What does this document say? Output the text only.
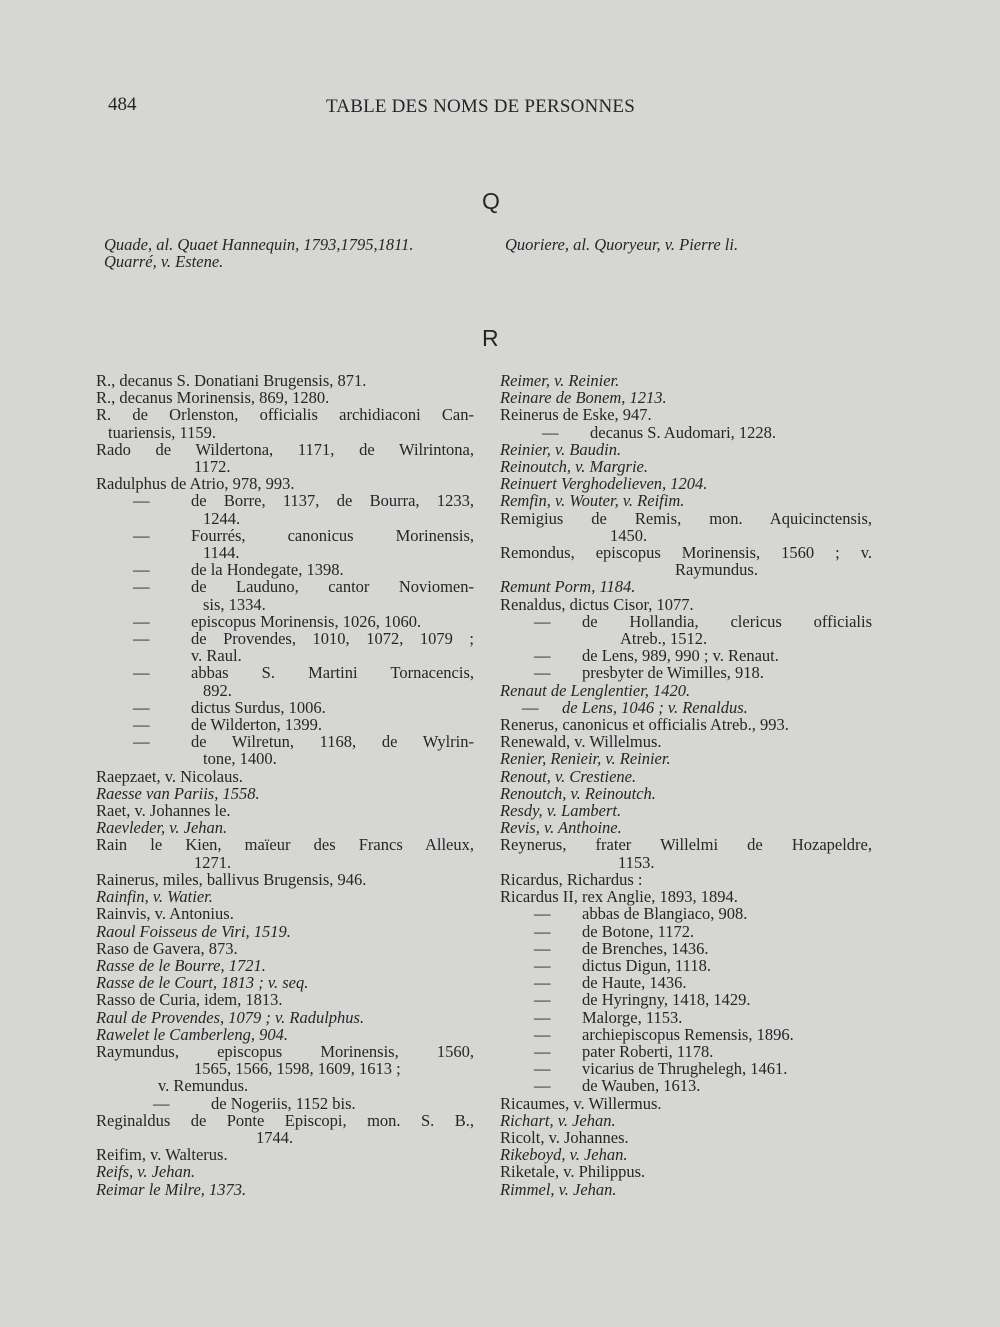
484	TABLE DES NOMS DE PERSONNES
Q
Quade, al. Quaet Hannequin, 1793,1795,1811.
Quarré, v. Estene.
Quoriere, al. Quoryeur, v. Pierre li.
R
R., decanus S. Donatiani Brugensis, 871.
R., decanus Morinensis, 869, 1280.
R. de Orlenston, officialis archidiaconi Can-
tuariensis, 1159.
Rado de Wildertona, 1171, de Wilrintona,
1172.
Radulphus de Atrio, 978, 993.
—	de Borre, 1137, de Bourra, 1233,
1244.
—	Fourrés, canonicus Morinensis,
1144.
—	de la Hondegate, 1398.
—	de Lauduno, cantor Noviomen-
sis, 1334.
—	episcopus Morinensis, 1026, 1060.
—	de Provendes, 1010, 1072, 1079 ;
v. Raul.
—	abbas S. Martini Tornacencis,
892.
—	dictus Surdus, 1006.
—	de Wilderton, 1399.
—	de Wilretun, 1168, de Wylrin-
tone, 1400.
Raepzaet, v. Nicolaus.
Raesse van Pariis, 1558.
Raet, v. Johannes le.
Raevleder, v. Jehan.
Rain le Kien, maïeur des Francs Alleux,
1271.
Rainerus, miles, ballivus Brugensis, 946.
Rainfin, v. Watier.
Rainvis, v. Antonius.
Raoul Foisseus de Viri, 1519.
Raso de Gavera, 873.
Rasse de le Bourre, 1721.
Rasse de le Court, 1813 ; v. seq.
Rasso de Curia, idem, 1813.
Raul de Provendes, 1079 ; v. Radulphus.
Rawelet le Camberleng, 904.
Raymundus, episcopus Morinensis, 1560,
1565, 1566, 1598, 1609, 1613 ;
v. Remundus.
—	de Nogeriis, 1152 bis.
Reginaldus de Ponte Episcopi, mon. S. B.,
1744.
Reifim, v. Walterus.
Reifs, v. Jehan.
Reimar le Milre, 1373.
Reimer, v. Reinier.
Reinare de Bonem, 1213.
Reinerus de Eske, 947.
— decanus S. Audomari, 1228.
Reinier, v. Baudin.
Reinoutch, v. Margrie.
Reinuert Verghodelieven, 1204.
Remfin, v. Wouter, v. Reifim.
Remigius de Remis, mon. Aquicinctensis,
1450.
Remondus, episcopus Morinensis, 1560 ; v.
Raymundus.
Remunt Porm, 1184.
Renaldus, dictus Cisor, 1077.
— de Hollandia, clericus officialis
Atreb., 1512.
— de Lens, 989, 990 ; v. Renaut.
— presbyter de Wimilles, 918.
Renaut de Lenglentier, 1420.
— de Lens, 1046 ; v. Renaldus.
Renerus, canonicus et officialis Atreb., 993.
Renewald, v. Willelmus.
Renier, Renieir, v. Reinier.
Renout, v. Crestiene.
Renoutch, v. Reinoutch.
Resdy, v. Lambert.
Revis, v. Anthoine.
Reynerus, frater Willelmi de Hozapeldre,
1153.
Ricardus, Richardus :
Ricardus II, rex Anglie, 1893, 1894.
— abbas de Blangiaco, 908.
— de Botone, 1172.
— de Brenches, 1436.
— dictus Digun, 1118.
— de Haute, 1436.
— de Hyringny, 1418, 1429.
— Malorge, 1153.
— archiepiscopus Remensis, 1896.
— pater Roberti, 1178.
— vicarius de Thrughelegh, 1461.
— de Wauben, 1613.
Ricaumes, v. Willermus.
Richart, v. Jehan.
Ricolt, v. Johannes.
Rikeboyd, v. Jehan.
Riketale, v. Philippus.
Rimmel, v. Jehan.
